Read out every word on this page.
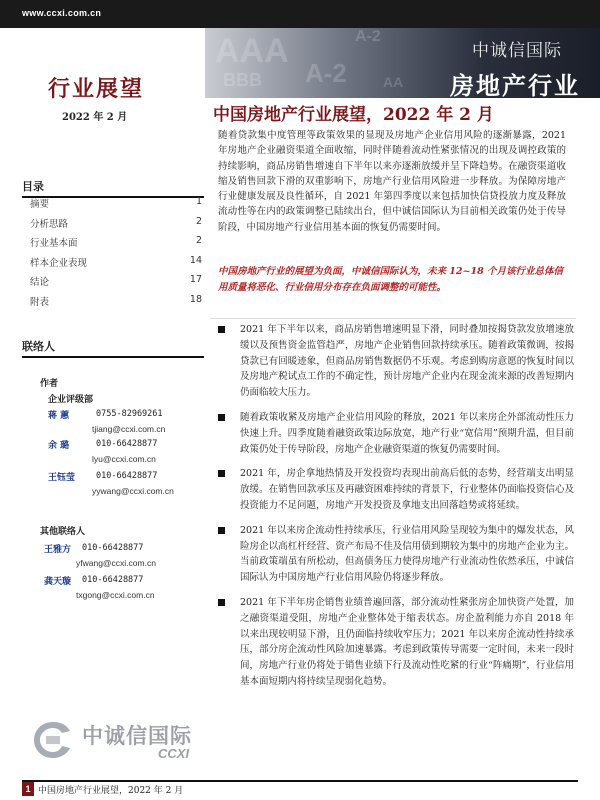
www.ccxi.com.cn
AAA
BBB A-2
A-2
AA
中诚信国际
房地产行业
行业展望
2022 年 2 月
目录
摘要	1
分析思路	2
行业基本面	2
样本企业表现	14
结论	17
附表	18
联络人
作者
企业评级部
蒋 蕙	0755-82969261
tjiang@ccxi.com.cn
余 璐	010-66428877
lyu@ccxi.com.cn
王钰莹 010-66428877
yywang@ccxi.com.cn
其他联络人
王雅方 010-66428877
yfwang@ccxi.com.cn
龚天璇 010-66428877
txgong@ccxi.com.cn
中诚信国际
CCXI
中国房地产行业展望，2022 年 2 月

随着贷款集中度管理等政策效果的显现及房地产企业信用风险的逐渐暴露，2021 年房地产企业融资渠道全面收缩，同时伴随着流动性紧张情况的出现及调控政策的持续影响，商品房销售增速自下半年以来亦逐渐放缓并呈下降趋势。在融资渠道收缩及销售回款下滑的双重影响下，房地产行业信用风险进一步释放。为保障房地产行业健康发展及良性循环，自 2021 年第四季度以来包括加快信贷投放力度及释放流动性等在内的政策调整已陆续出台，但中诚信国际认为目前相关政策仍处于传导阶段，中国房地产行业信用基本面的恢复仍需要时间。

中国房地产行业的展望为负面，中诚信国际认为，未来 12~18 个月该行业总体信用质量将恶化、行业信用分布存在负面调整的可能性。

2021 年下半年以来，商品房销售增速明显下滑，同时叠加按揭贷款发放增速放缓以及预售资金监管趋严，房地产企业销售回款持续承压。随着政策微调，按揭贷款已有回暖迹象，但商品房销售数据仍不乐观。考虑到购房意愿的恢复时间以及房地产税试点工作的不确定性，预计房地产企业内在现金流来源的改善短期内仍面临较大压力。
随着政策收紧及房地产企业信用风险的释放，2021 年以来房企外部流动性压力快速上升。四季度随着融资政策边际放宽，地产行业“宽信用”预期升温，但目前政策仍处于传导阶段，房地产企业融资渠道的恢复仍需要时间。
2021 年，房企拿地热情及开发投资均表现出前高后低的态势，经营端支出明显放缓。在销售回款承压及再融资困难持续的背景下，行业整体仍面临投资信心及投资能力不足问题，房地产开发投资及拿地支出回落趋势或将延续。
2021 年以来房企流动性持续承压，行业信用风险呈现较为集中的爆发状态，风险房企以高杠杆经营、资产布局不佳及信用债到期较为集中的房地产企业为主。当前政策端虽有所松动，但高债务压力使得房地产行业流动性依然承压，中诚信国际认为中国房地产行业信用风险仍将逐步释放。
2021 年下半年房企销售业绩普遍回落，部分流动性紧张房企加快资产处置，加之融资渠道受阻，房地产企业整体处于缩表状态。房企盈利能力亦自 2018 年以来出现较明显下滑，且仍面临持续收窄压力；2021 年以来房企流动性持续承压，部分房企流动性风险加速暴露。考虑到政策传导需要一定时间，未来一段时间，房地产行业仍将处于销售业绩下行及流动性吃紧的行业“阵痛期”，行业信用基本面短期内将持续呈现弱化趋势。
1 中国房地产行业展望，2022 年 2 月
